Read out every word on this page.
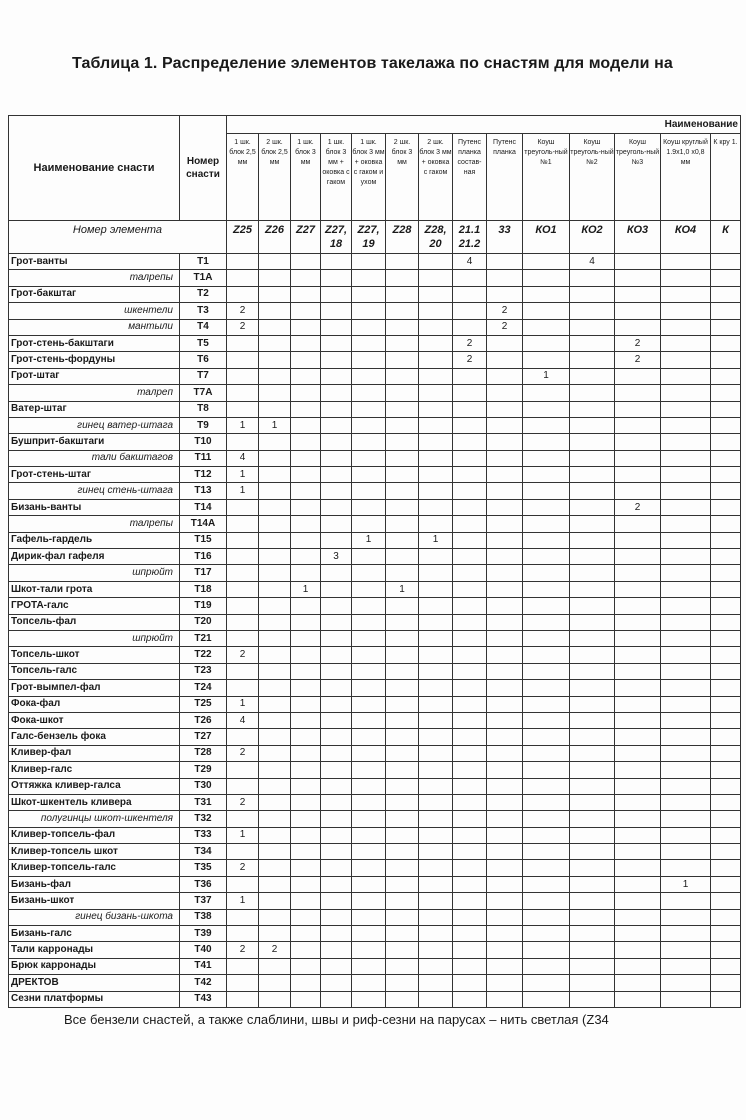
Таблица 1. Распределение элементов такелажа по снастям для модели на
Наименование снасти	Номер снасти	Наименование													
		1 шк. блок 2,5 мм	2 шк. блок 2,5 мм	1 шк. блок 3 мм	1 шк. блок 3 мм + оковка с гаком	1 шк. блок 3 мм + оковка с гаком и ухом	2 шк. блок 3 мм	2 шк. блок 3 мм + оковка с гаком	Путенс планка состав-ная	Путенс планка	Коуш треуголь-ный №1	Коуш треуголь-ный №2	Коуш треуголь-ный №3	Коуш круглый 1.9х1,0 х0,8 мм	К кру 1.
Номер элемента		Z25	Z26	Z27	Z27, 18	Z27, 19	Z28	Z28, 20	21.1 21.2	33	КО1	КО2	КО3	КО4	К
Грот-ванты	T1								4			4			
талрепы	T1A														
Грот-бакштаг	T2														
шкентели	T3	2								2					
мантыли	T4	2								2					
Грот-стень-бакштаги	T5								2				2		
Грот-стень-фордуны	T6								2				2		
Грот-штаг	T7										1				
талреп	T7A														
Ватер-штаг	T8														
гинец ватер-штага	T9	1	1												
Бушприт-бакштаги	T10														
тали бакштагов	T11	4													
Грот-стень-штаг	T12	1													
гинец стень-штага	T13	1													
Бизань-ванты	T14												2		
талрепы	T14A														
Гафель-гардель	T15					1		1							
Дирик-фал гафеля	T16				3										
шпрюйт	T17														
Шкот-тали грота	T18			1			1								
ГРОТА-галс	T19														
Топсель-фал	T20														
шпрюйт	T21														
Топсель-шкот	T22	2													
Топсель-галс	T23														
Грот-вымпел-фал	T24														
Фока-фал	T25	1													
Фока-шкот	T26	4													
Галс-бензель фока	T27														
Кливер-фал	T28	2													
Кливер-галс	T29														
Оттяжка кливер-галса	T30														
Шкот-шкентель кливера	T31	2													
полугинцы шкот-шкентеля	T32														
Кливер-топсель-фал	T33	1													
Кливер-топсель шкот	T34														
Кливер-топсель-галс	T35	2													
Бизань-фал	T36													1	
Бизань-шкот	T37	1													
гинец бизань-шкота	T38														
Бизань-галс	T39														
Тали карронады	T40	2	2												
Брюк карронады	T41														
ДРЕКТОВ	T42														
Сезни платформы	T43														
Все бензели снастей, а также слаблини, швы и риф-сезни на парусах – нить светлая (Z34
